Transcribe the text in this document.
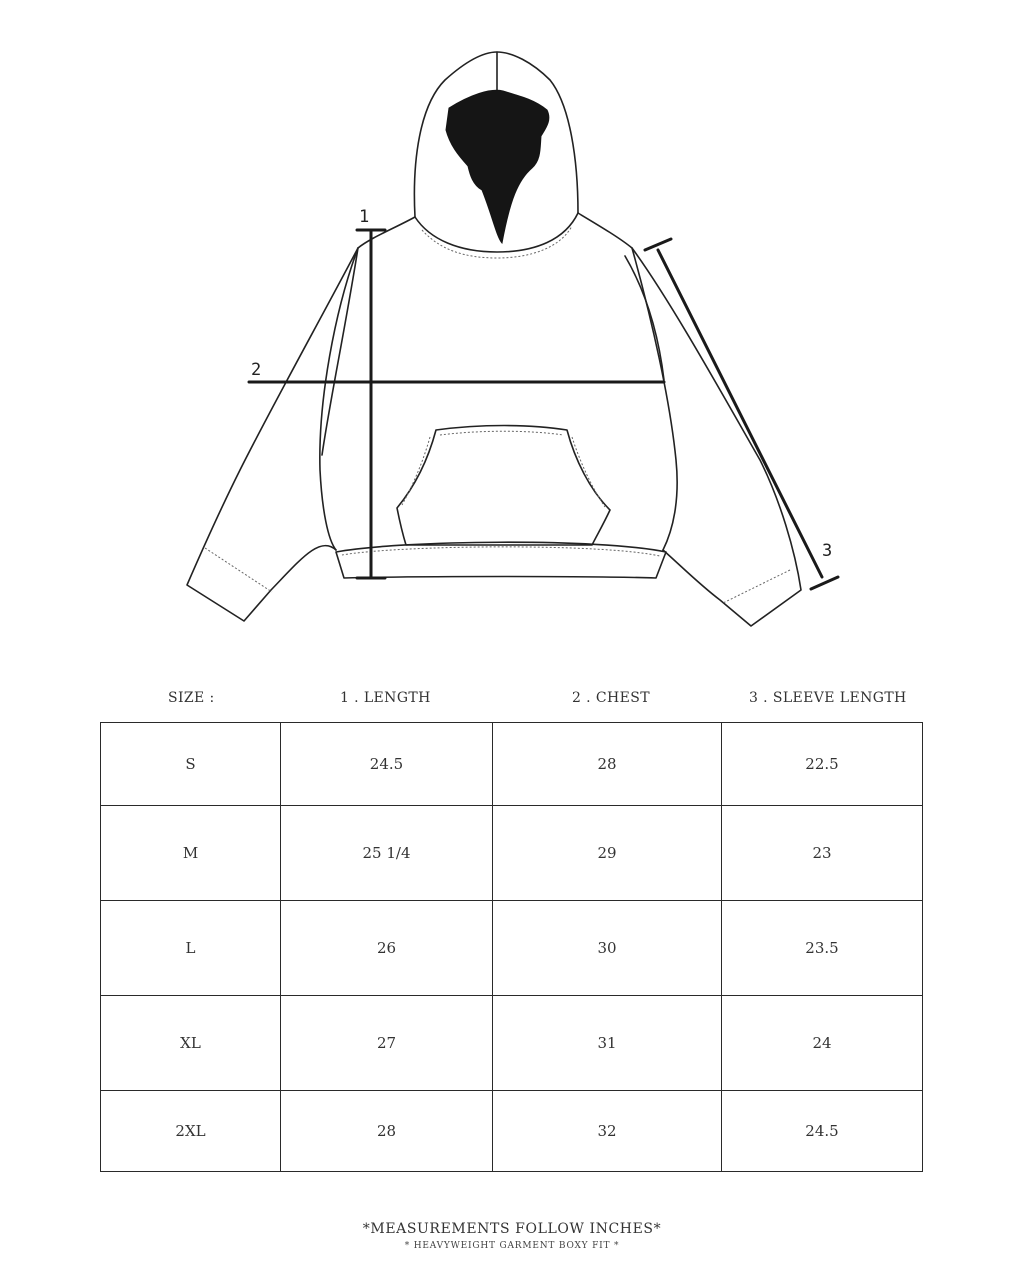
1
2
3
SIZE :	1 . LENGTH	2 . CHEST	3 . SLEEVE LENGTH
S	24.5	28	22.5
M	25 1/4	29	23
L	26	30	23.5
XL	27	31	24
2XL	28	32	24.5
*MEASUREMENTS FOLLOW INCHES*
* HEAVYWEIGHT GARMENT BOXY FIT *
